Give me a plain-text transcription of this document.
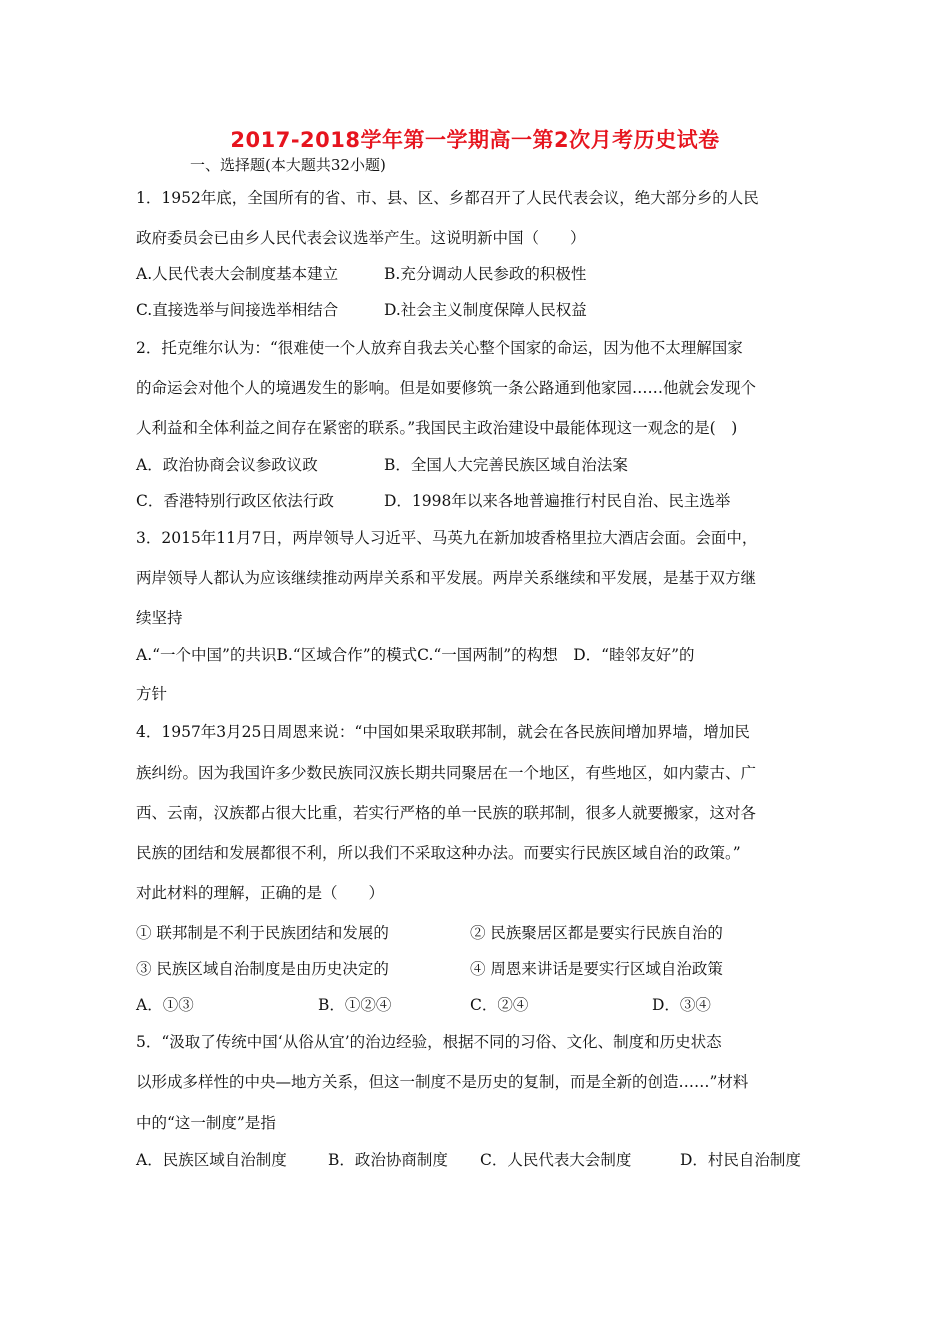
2017-2018学年第一学期高一第2次月考历史试卷
一、选择题(本大题共32小题)
1．1952年底，全国所有的省、市、县、区、乡都召开了人民代表会议，绝大部分乡的人民
政府委员会已由乡人民代表会议选举产生。这说明新中国（　　）
A.人民代表大会制度基本建立	B.充分调动人民参政的积极性
C.直接选举与间接选举相结合	D.社会主义制度保障人民权益
2．托克维尔认为：“很难使一个人放弃自我去关心整个国家的命运，因为他不太理解国家
的命运会对他个人的境遇发生的影响。但是如要修筑一条公路通到他家园……他就会发现个
人利益和全体利益之间存在紧密的联系。”我国民主政治建设中最能体现这一观念的是(　)
A．政治协商会议参政议政	B．全国人大完善民族区域自治法案
C．香港特别行政区依法行政	D．1998年以来各地普遍推行村民自治、民主选举
3．2015年11月7日，两岸领导人习近平、马英九在新加坡香格里拉大酒店会面。会面中，
两岸领导人都认为应该继续推动两岸关系和平发展。两岸关系继续和平发展，是基于双方继
续坚持
A.“一个中国”的共识B.“区域合作”的模式C.“一国两制”的构想　D．“睦邻友好”的
方针
4．1957年3月25日周恩来说：“中国如果采取联邦制，就会在各民族间增加界墙，增加民
族纠纷。因为我国许多少数民族同汉族长期共同聚居在一个地区，有些地区，如内蒙古、广
西、云南，汉族都占很大比重，若实行严格的单一民族的联邦制，很多人就要搬家，这对各
民族的团结和发展都很不利，所以我们不采取这种办法。而要实行民族区域自治的政策。”
对此材料的理解，正确的是（　　）
① 联邦制是不利于民族团结和发展的	② 民族聚居区都是要实行民族自治的
③ 民族区域自治制度是由历史决定的	④ 周恩来讲话是要实行区域自治政策
A．①③	B．①②④	C．②④	D．③④
5．“汲取了传统中国‘从俗从宜’的治边经验，根据不同的习俗、文化、制度和历史状态
以形成多样性的中央—地方关系，但这一制度不是历史的复制，而是全新的创造……”材料
中的“这一制度”是指
A．民族区域自治制度	B．政治协商制度 C．人民代表大会制度	D．村民自治制度
